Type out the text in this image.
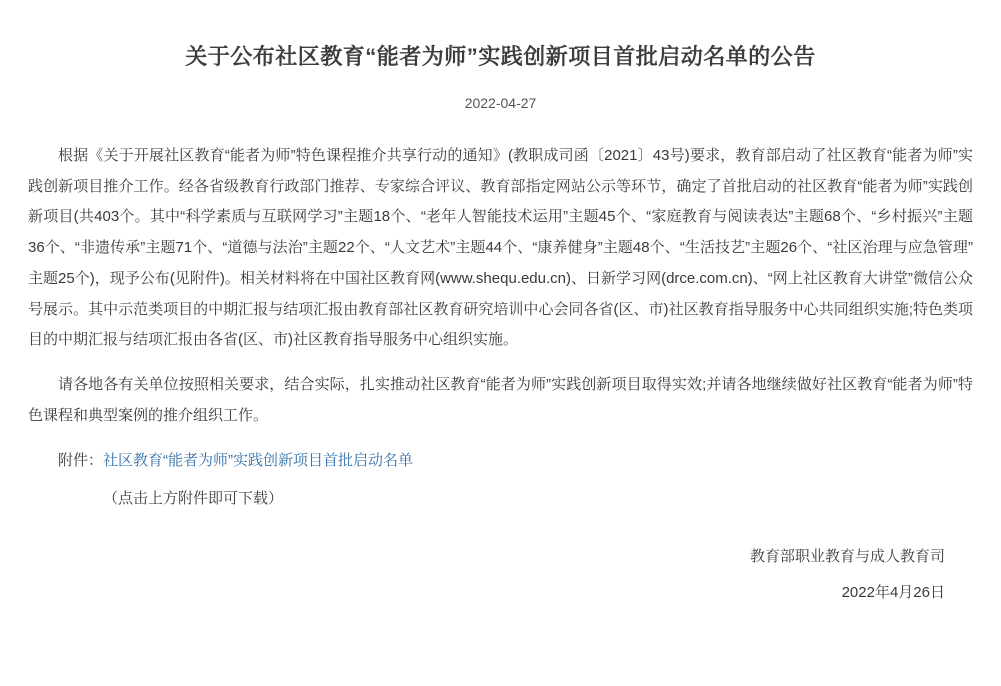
关于公布社区教育“能者为师”实践创新项目首批启动名单的公告
2022-04-27

根据《关于开展社区教育“能者为师”特色课程推介共享行动的通知》(教职成司函〔2021〕43号)要求，教育部启动了社区教育“能者为师”实践创新项目推介工作。经各省级教育行政部门推荐、专家综合评议、教育部指定网站公示等环节，确定了首批启动的社区教育“能者为师”实践创新项目(共403个。其中“科学素质与互联网学习”主题18个、“老年人智能技术运用”主题45个、“家庭教育与阅读表达”主题68个、“乡村振兴”主题36个、“非遗传承”主题71个、“道德与法治”主题22个、“人文艺术”主题44个、“康养健身”主题48个、“生活技艺”主题26个、“社区治理与应急管理”主题25个)，现予公布(见附件)。相关材料将在中国社区教育网(www.shequ.edu.cn)、日新学习网(drce.com.cn)、“网上社区教育大讲堂”微信公众号展示。其中示范类项目的中期汇报与结项汇报由教育部社区教育研究培训中心会同各省(区、市)社区教育指导服务中心共同组织实施;特色类项目的中期汇报与结项汇报由各省(区、市)社区教育指导服务中心组织实施。

请各地各有关单位按照相关要求，结合实际，扎实推动社区教育“能者为师”实践创新项目取得实效;并请各地继续做好社区教育“能者为师”特色课程和典型案例的推介组织工作。

附件：社区教育“能者为师”实践创新项目首批启动名单

（点击上方附件即可下载）

教育部职业教育与成人教育司
2022年4月26日
